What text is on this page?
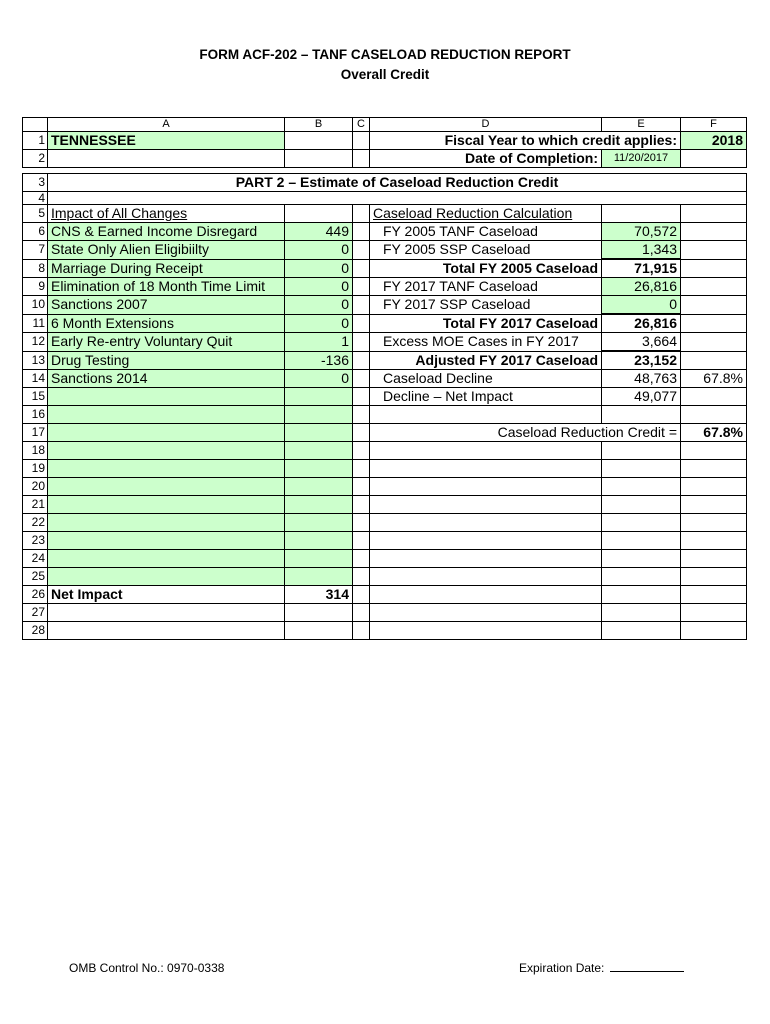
FORM ACF-202 – TANF CASELOAD REDUCTION REPORT
Overall Credit
	A	B	C	D	E	F
1	TENNESSEE			Fiscal Year to which credit applies:		2018
2				Date of Completion:	11/20/2017	

3	PART 2 – Estimate of Caseload Reduction Credit					
4						
5	Impact of All Changes			Caseload Reduction Calculation		
6	CNS & Earned Income Disregard	449		FY 2005 TANF Caseload	70,572	
7	State Only Alien Eligibiilty	0		FY 2005 SSP Caseload	1,343	
8	Marriage During Receipt	0		Total FY 2005 Caseload	71,915	
9	Elimination of 18 Month Time Limit	0		FY 2017 TANF Caseload	26,816	
10	Sanctions 2007	0		FY 2017 SSP Caseload	0	
11	6 Month Extensions	0		Total FY 2017 Caseload	26,816	
12	Early Re-entry Voluntary Quit	1		Excess MOE Cases in FY 2017	3,664	
13	Drug Testing	-136		Adjusted FY 2017 Caseload	23,152	
14	Sanctions 2014	0		Caseload Decline	48,763	67.8%
15				Decline – Net Impact	49,077	
16						
17				Caseload Reduction Credit =		67.8%
18						
19						
20						
21						
22						
23						
24						
25						
26	Net Impact	314				
27						
28						
OMB Control No.: 0970-0338	Expiration Date:
